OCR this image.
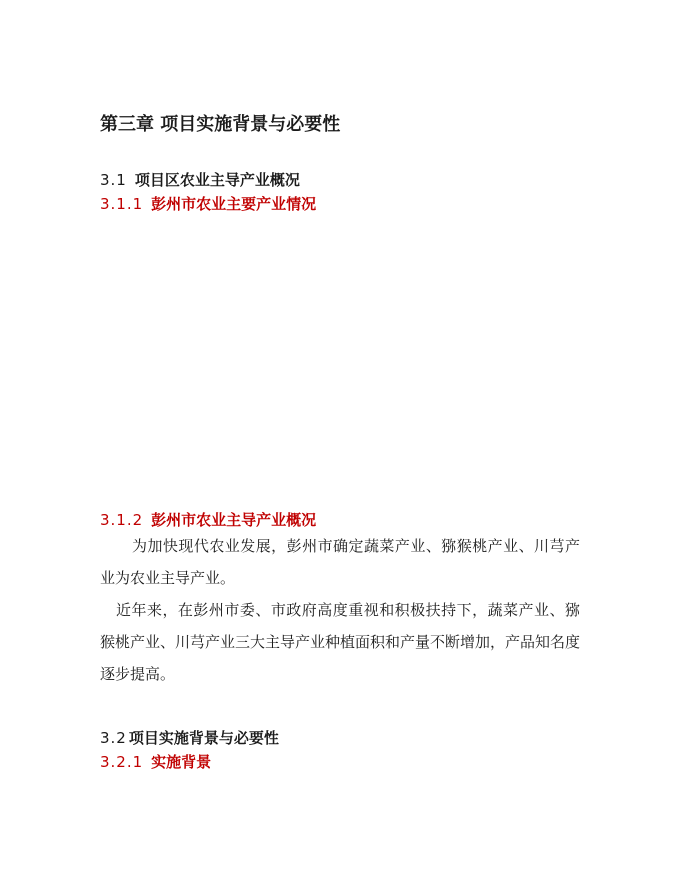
第三章 项目实施背景与必要性
3.1 项目区农业主导产业概况
3.1.1 彭州市农业主要产业情况
3.1.2 彭州市农业主导产业概况
为加快现代农业发展，彭州市确定蔬菜产业、猕猴桃产业、川芎产业为农业主导产业。
近年来，在彭州市委、市政府高度重视和积极扶持下，蔬菜产业、猕猴桃产业、川芎产业三大主导产业种植面积和产量不断增加，产品知名度逐步提高。
3.2 项目实施背景与必要性
3.2.1 实施背景
